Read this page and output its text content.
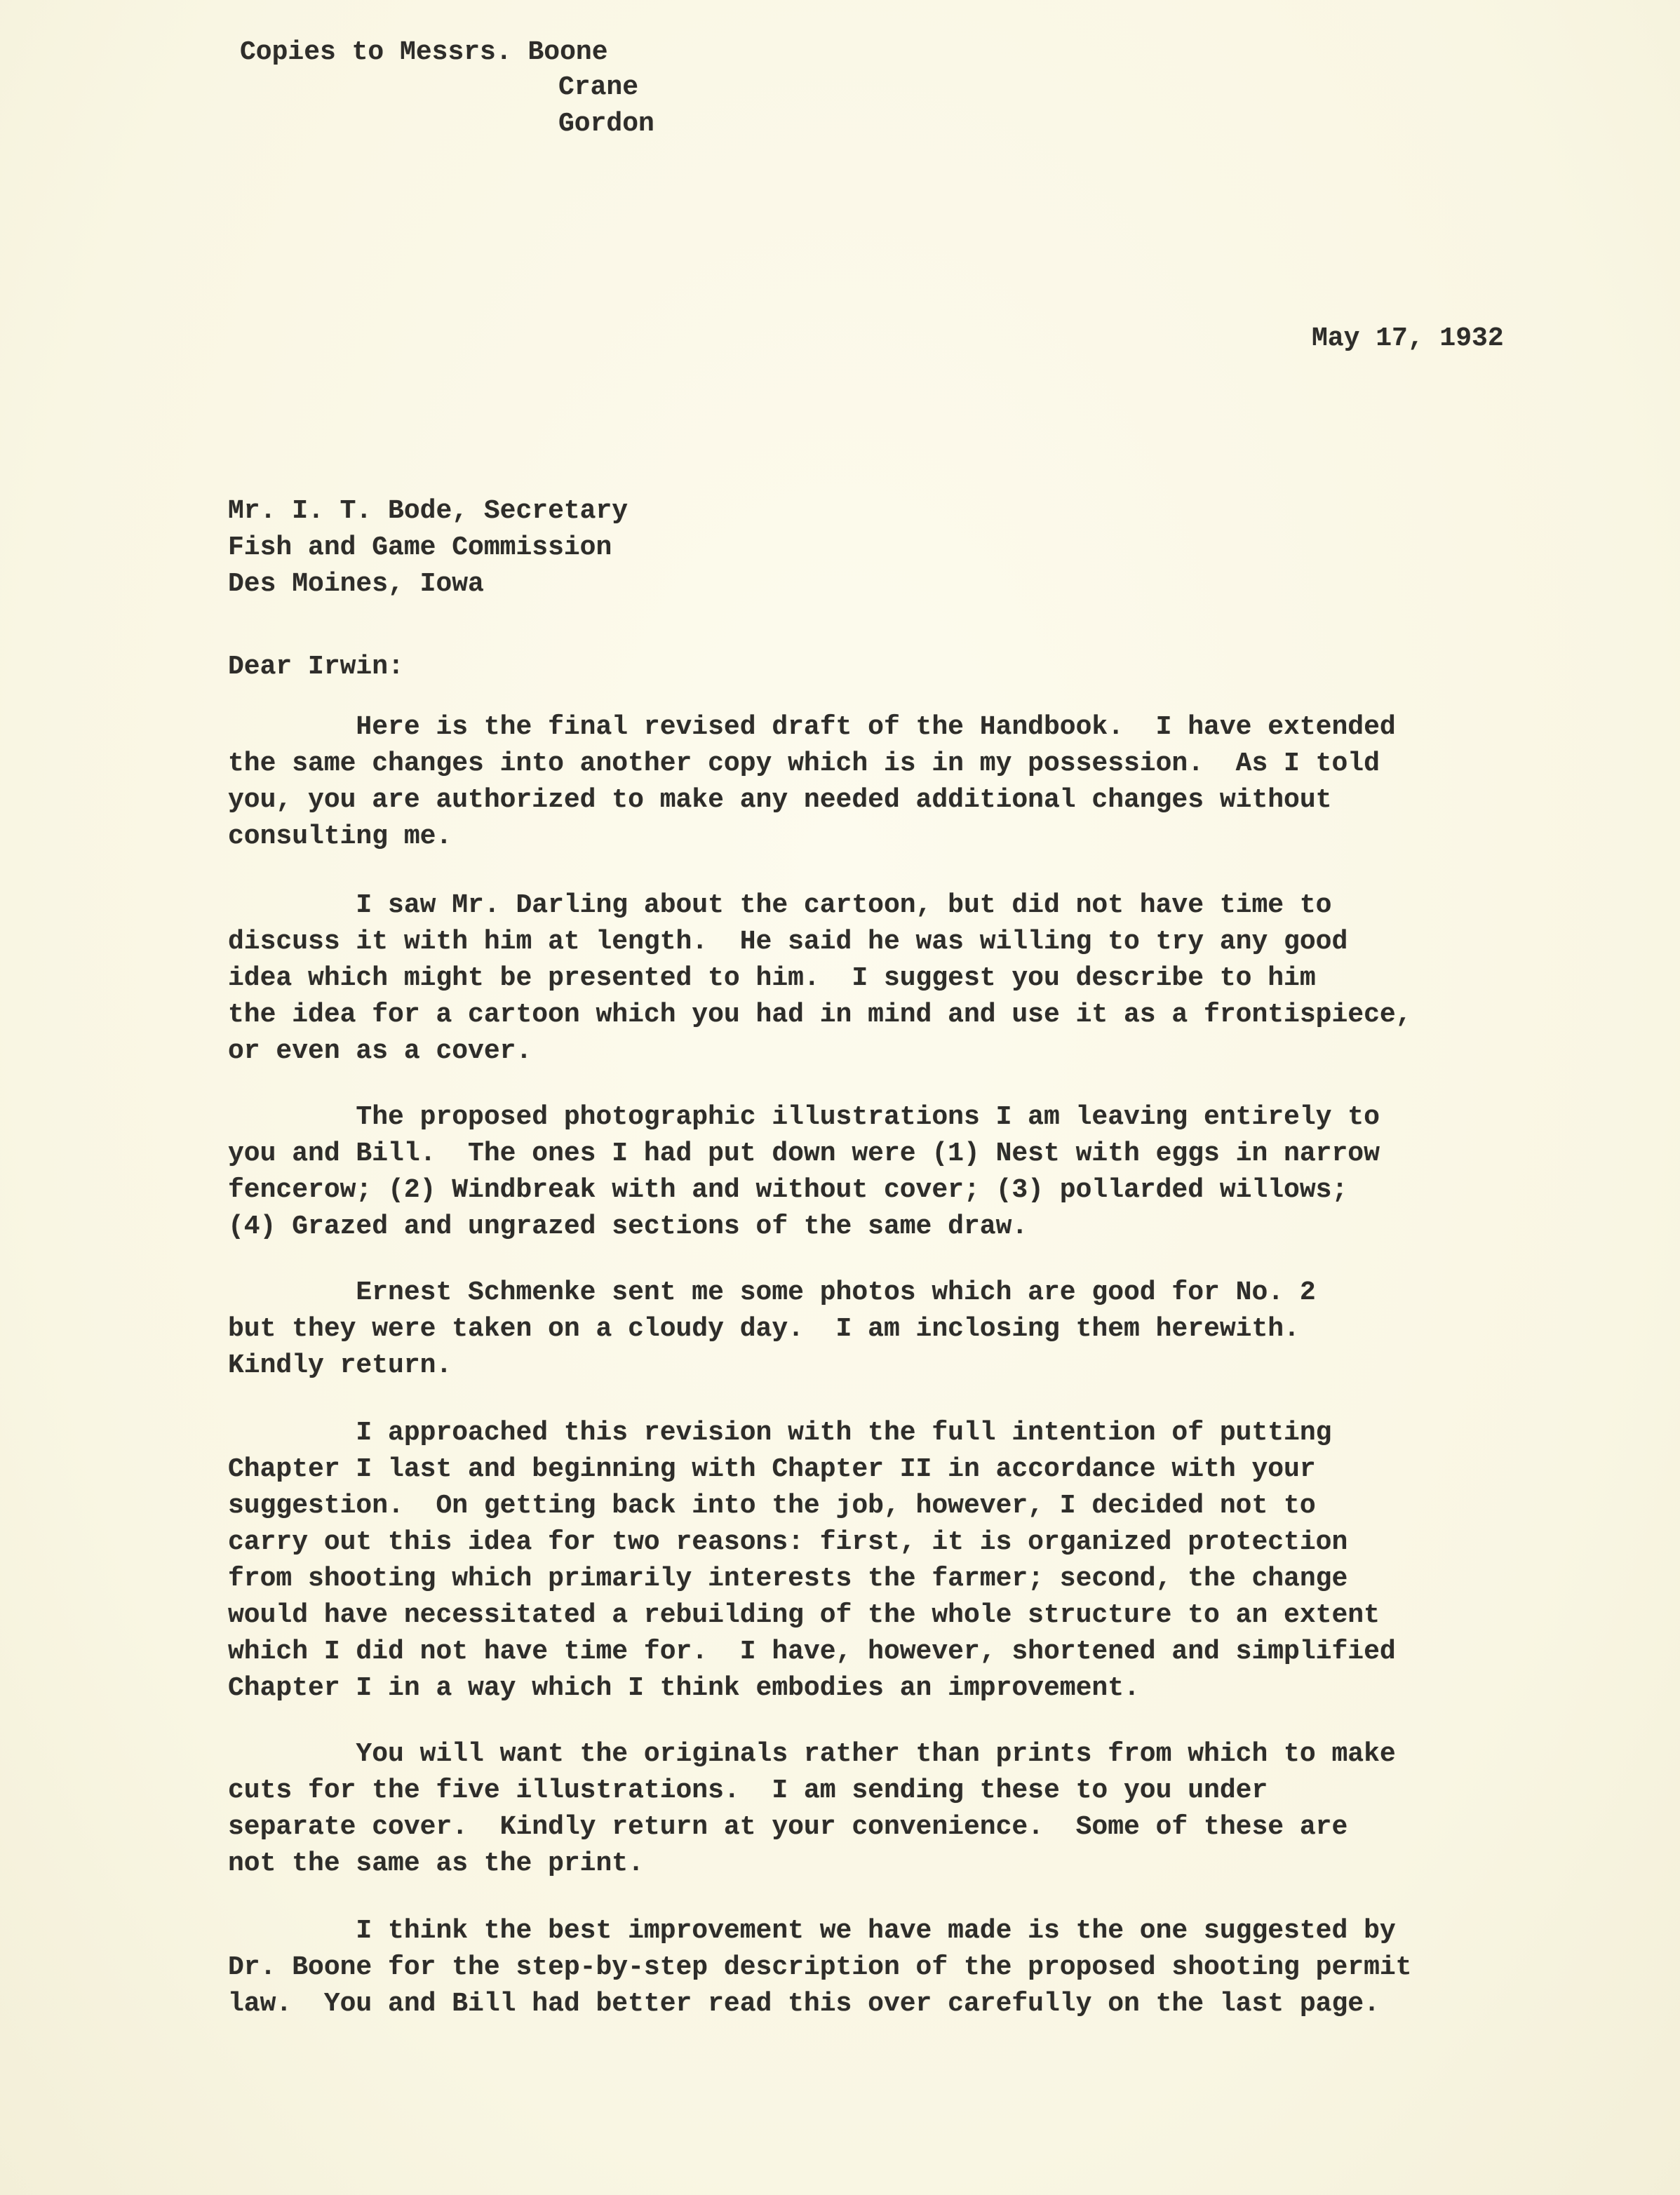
Copies to Messrs. Boone
Crane
Gordon
May 17, 1932
Mr. I. T. Bode, Secretary
Fish and Game Commission
Des Moines, Iowa
Dear Irwin:
Here is the final revised draft of the Handbook.  I have extended
the same changes into another copy which is in my possession.  As I told
you, you are authorized to make any needed additional changes without
consulting me.
I saw Mr. Darling about the cartoon, but did not have time to
discuss it with him at length.  He said he was willing to try any good
idea which might be presented to him.  I suggest you describe to him
the idea for a cartoon which you had in mind and use it as a frontispiece,
or even as a cover.
The proposed photographic illustrations I am leaving entirely to
you and Bill.  The ones I had put down were (1) Nest with eggs in narrow
fencerow; (2) Windbreak with and without cover; (3) pollarded willows;
(4) Grazed and ungrazed sections of the same draw.
Ernest Schmenke sent me some photos which are good for No. 2
but they were taken on a cloudy day.  I am inclosing them herewith.
Kindly return.
I approached this revision with the full intention of putting
Chapter I last and beginning with Chapter II in accordance with your
suggestion.  On getting back into the job, however, I decided not to
carry out this idea for two reasons: first, it is organized protection
from shooting which primarily interests the farmer; second, the change
would have necessitated a rebuilding of the whole structure to an extent
which I did not have time for.  I have, however, shortened and simplified
Chapter I in a way which I think embodies an improvement.
You will want the originals rather than prints from which to make
cuts for the five illustrations.  I am sending these to you under
separate cover.  Kindly return at your convenience.  Some of these are
not the same as the print.
I think the best improvement we have made is the one suggested by
Dr. Boone for the step-by-step description of the proposed shooting permit
law.  You and Bill had better read this over carefully on the last page.
